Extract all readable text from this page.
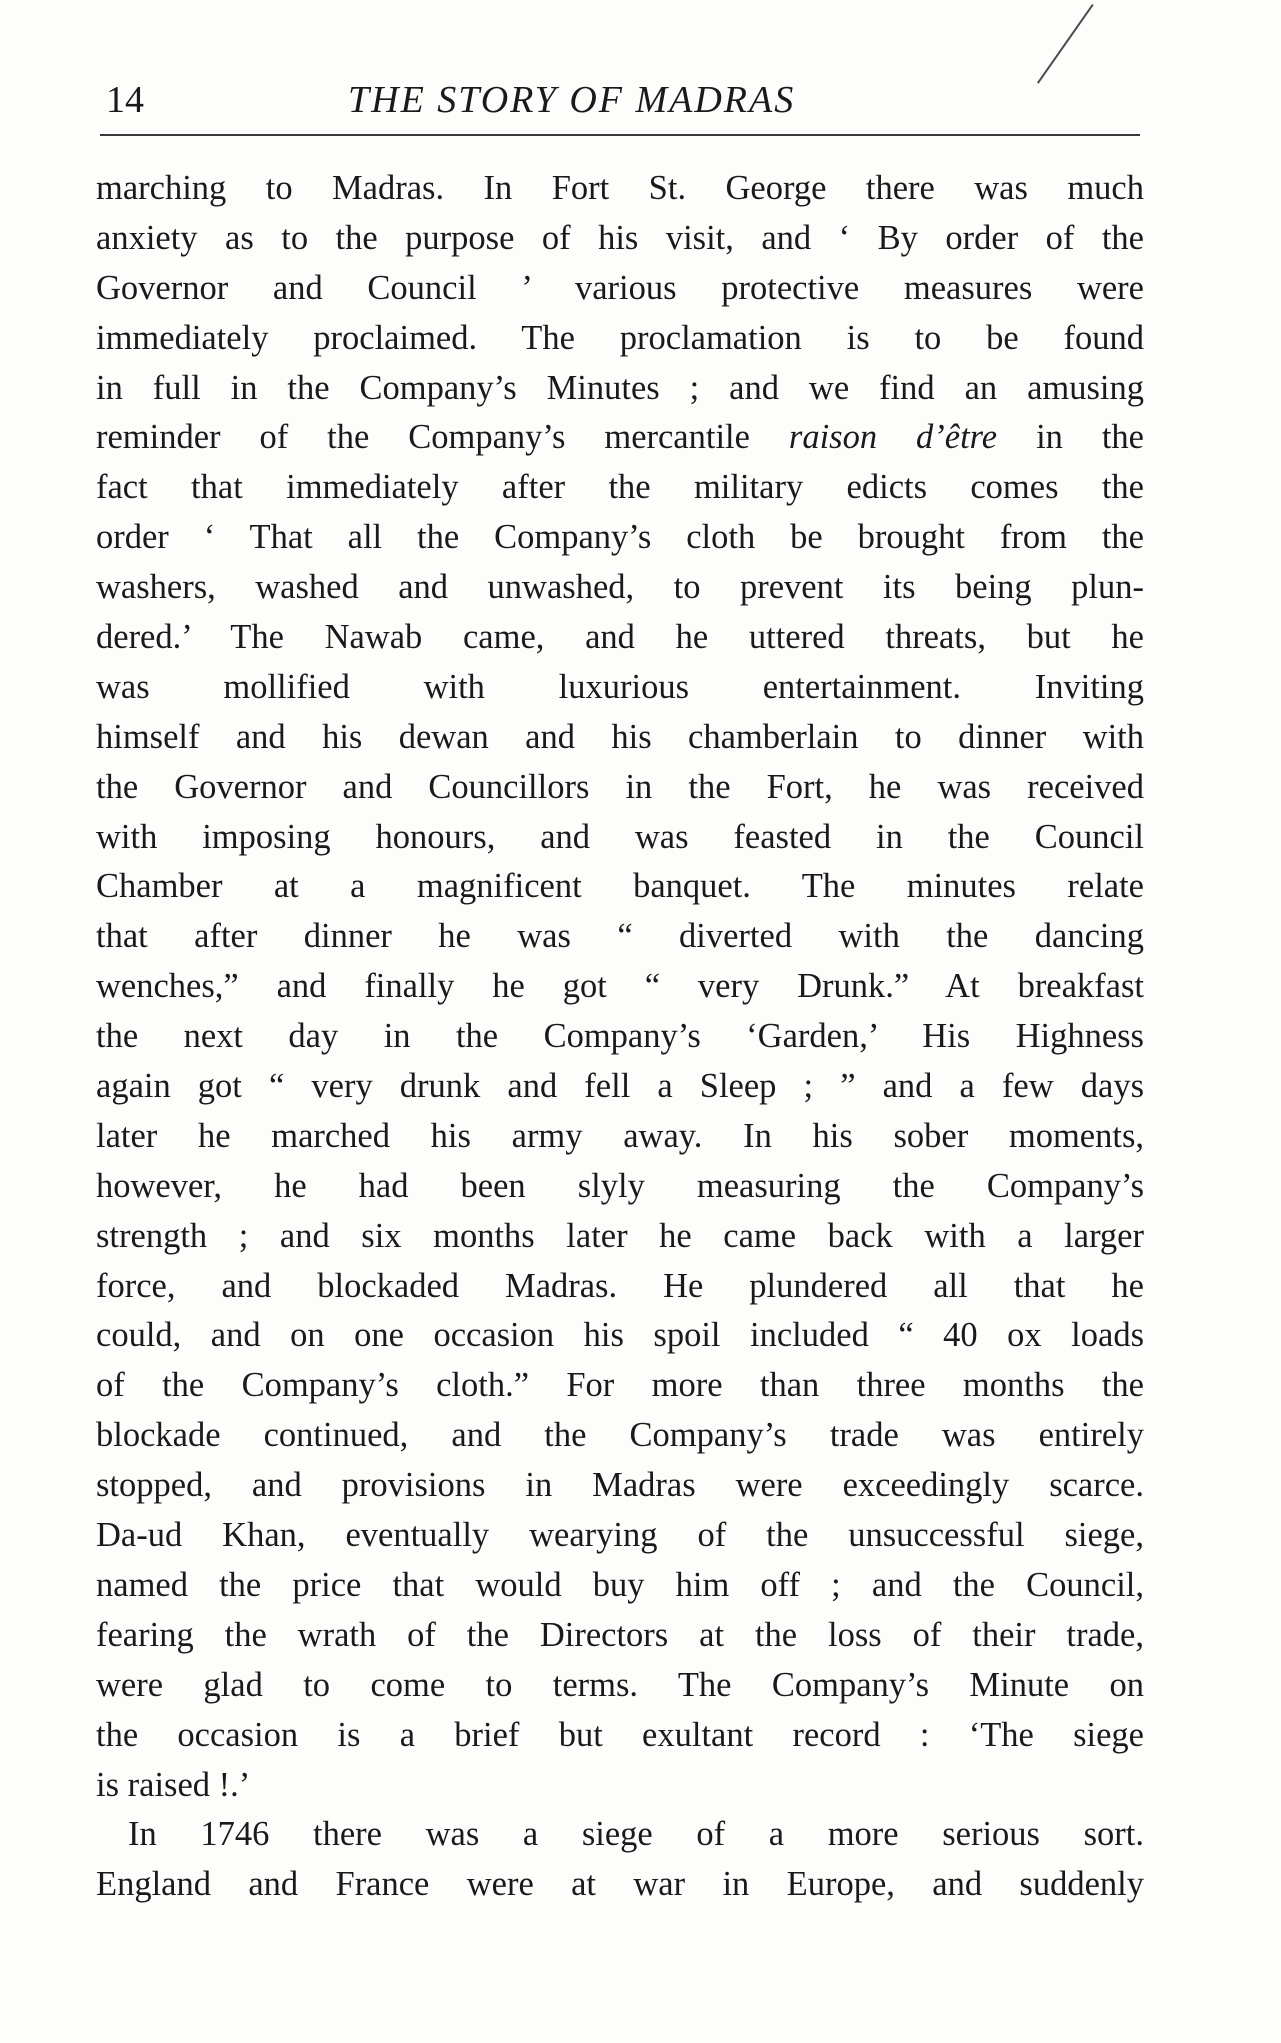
14	THE STORY OF MADRAS
marching to Madras. In Fort St. George there was much
anxiety as to the purpose of his visit, and ‘ By order of the
Governor and Council ’ various protective measures were
immediately proclaimed. The proclamation is to be found
in full in the Company’s Minutes ; and we find an amusing
reminder of the Company’s mercantile raison d’être in the
fact that immediately after the military edicts comes the
order ‘ That all the Company’s cloth be brought from the
washers, washed and unwashed, to prevent its being plun-
dered.’ The Nawab came, and he uttered threats, but he
was mollified with luxurious entertainment. Inviting
himself and his dewan and his chamberlain to dinner with
the Governor and Councillors in the Fort, he was received
with imposing honours, and was feasted in the Council
Chamber at a magnificent banquet. The minutes relate
that after dinner he was “ diverted with the dancing
wenches,” and finally he got “ very Drunk.” At breakfast
the next day in the Company’s ‘Garden,’ His Highness
again got “ very drunk and fell a Sleep ; ” and a few days
later he marched his army away. In his sober moments,
however, he had been slyly measuring the Company’s
strength ; and six months later he came back with a larger
force, and blockaded Madras. He plundered all that he
could, and on one occasion his spoil included “ 40 ox loads
of the Company’s cloth.” For more than three months the
blockade continued, and the Company’s trade was entirely
stopped, and provisions in Madras were exceedingly scarce.
Da-ud Khan, eventually wearying of the unsuccessful siege,
named the price that would buy him off ; and the Council,
fearing the wrath of the Directors at the loss of their trade,
were glad to come to terms. The Company’s Minute on
the occasion is a brief but exultant record : ‘The siege
is raised !.’
In 1746 there was a siege of a more serious sort.
England and France were at war in Europe, and suddenly
